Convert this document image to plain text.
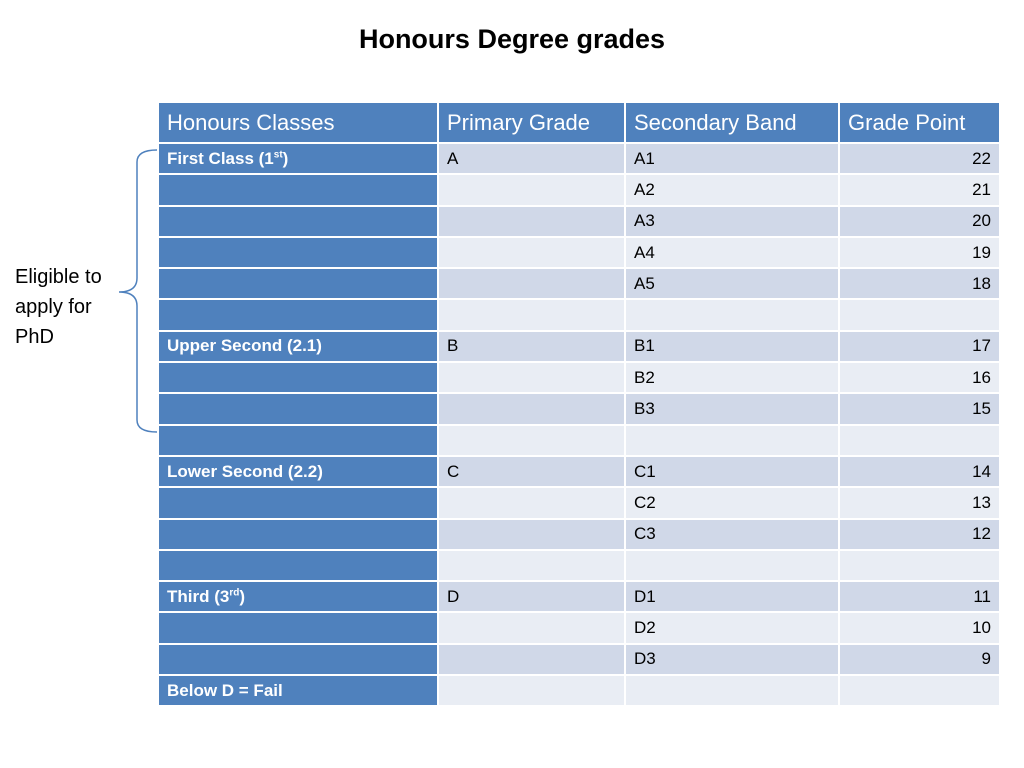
Honours Degree grades
Eligible to
apply for
PhD
Honours Classes	Primary Grade	Secondary Band	Grade Point
First Class (1st)	A	A1	22
		A2	21
		A3	20
		A4	19
		A5	18

Upper Second (2.1)	B	B1	17
		B2	16
		B3	15

Lower Second (2.2)	C	C1	14
		C2	13
		C3	12

Third (3rd)	D	D1	11
		D2	10
		D3	9
Below D = Fail			
